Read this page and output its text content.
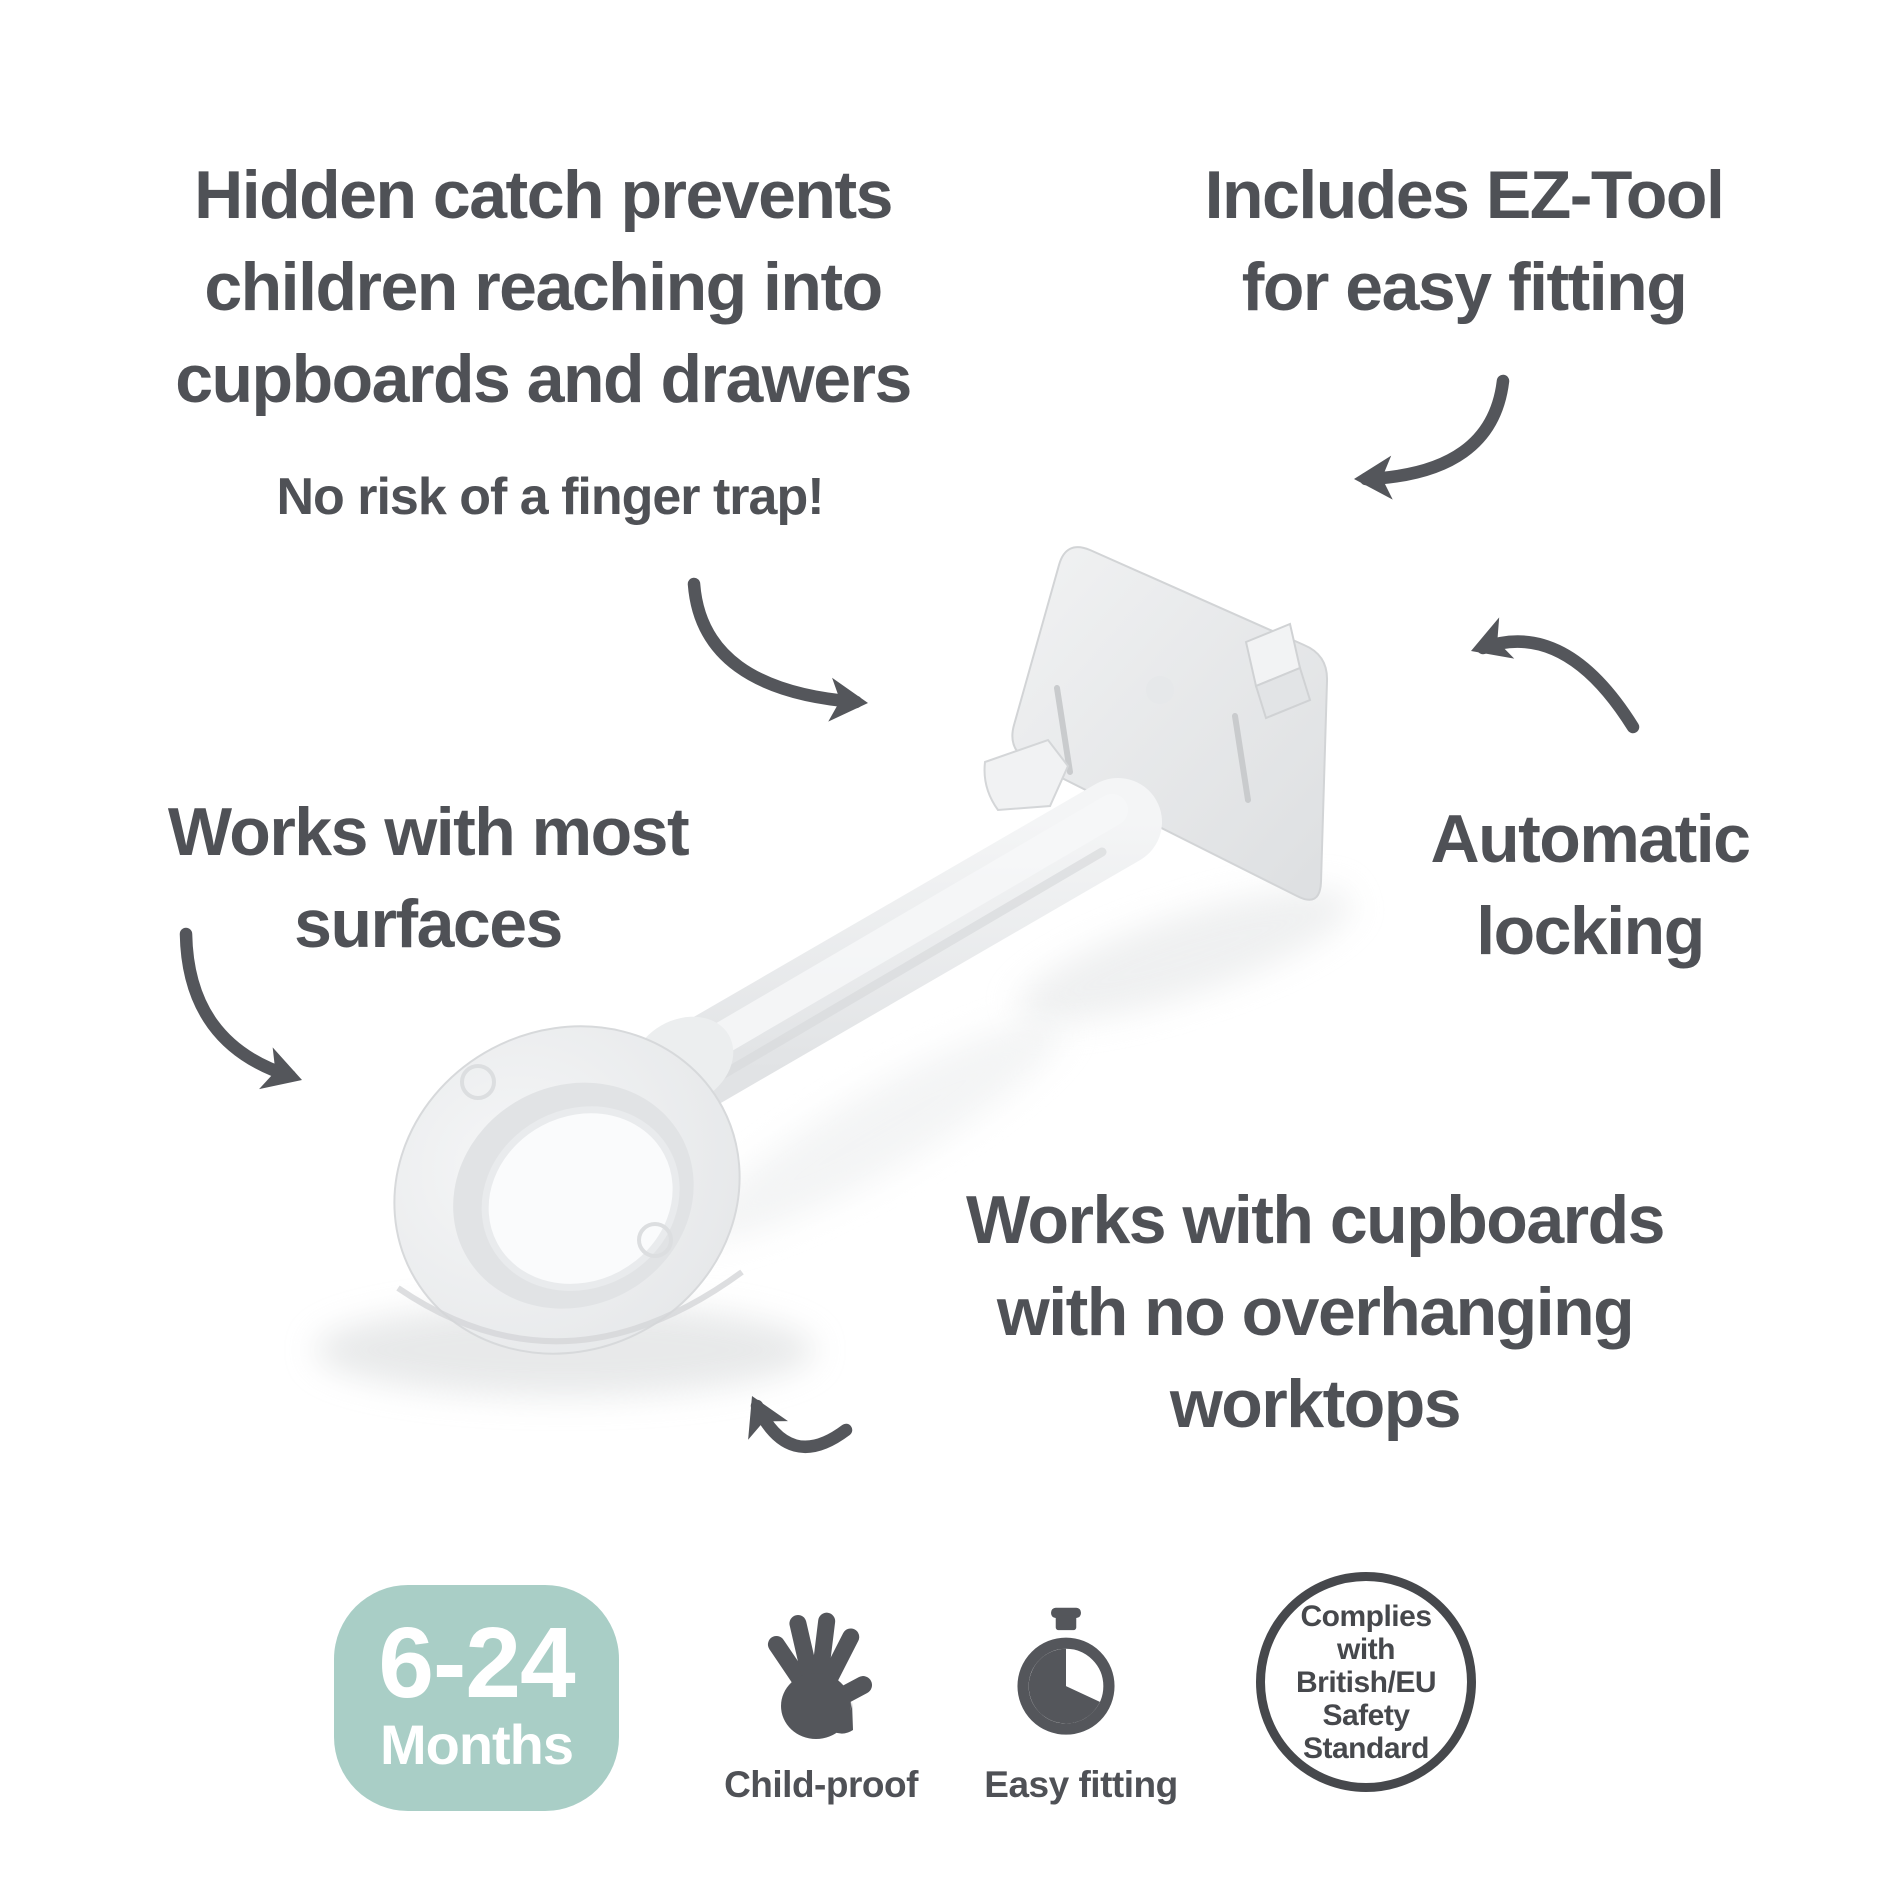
Hidden catch prevents
children reaching into
cupboards and drawers
No risk of a finger trap!
Includes EZ-Tool
for easy fitting
Works with most
surfaces
Automatic
locking
Works with cupboards
with no overhanging
worktops
6-24
Months
Child-proof	Easy fitting
Complies
with
British/EU
Safety
Standard
